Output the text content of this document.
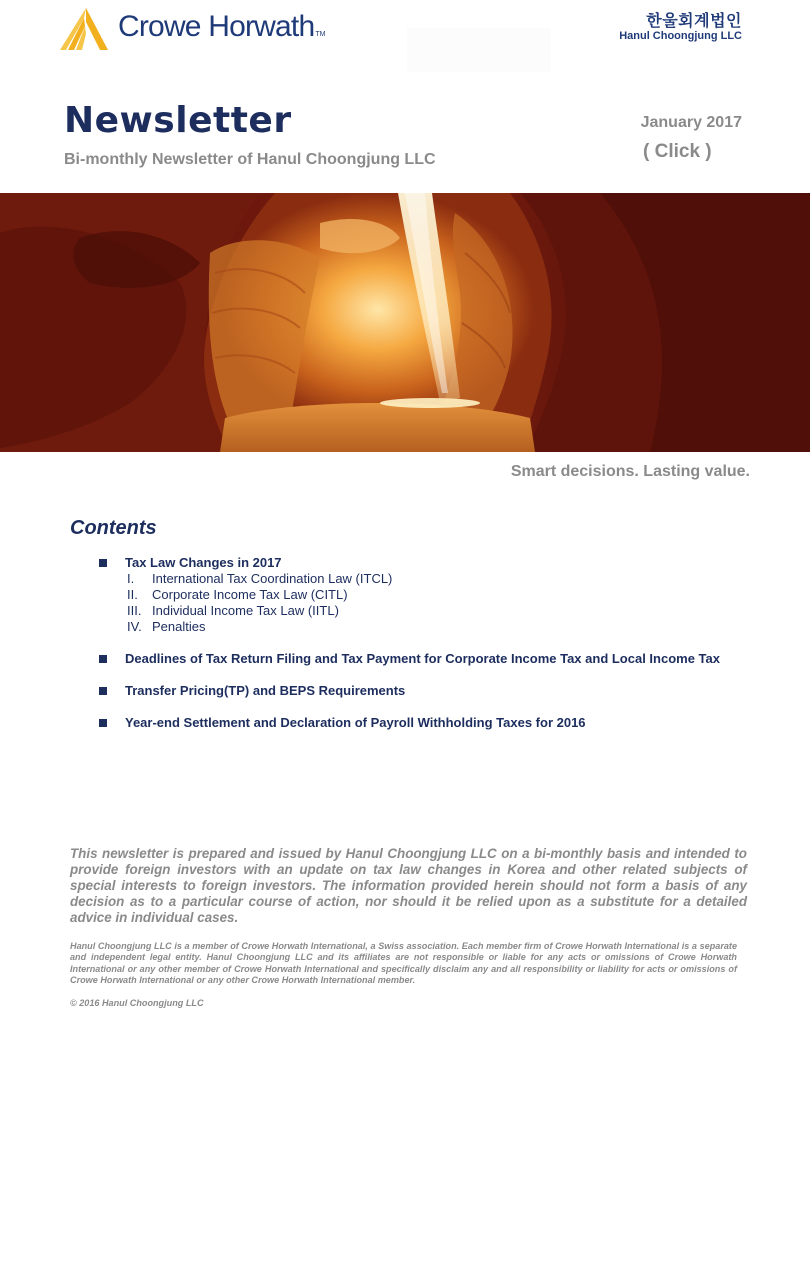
Crowe HorwathTM
한울회계법인
Hanul Choongjung LLC
Newsletter
Bi-monthly Newsletter of Hanul Choongjung LLC
January 2017
( Click )
Smart decisions. Lasting value.
Contents
Tax Law Changes in 2017
I. International Tax Coordination Law (ITCL)
II. Corporate Income Tax Law (CITL)
III. Individual Income Tax Law (IITL)
IV. Penalties
Deadlines of Tax Return Filing and Tax Payment for Corporate Income Tax and Local Income Tax
Transfer Pricing(TP) and BEPS Requirements
Year-end Settlement and Declaration of Payroll Withholding Taxes for 2016
This newsletter is prepared and issued by Hanul Choongjung LLC on a bi-monthly basis and intended to provide foreign investors with an update on tax law changes in Korea and other related subjects of special interests to foreign investors. The information provided herein should not form a basis of any decision as to a particular course of action, nor should it be relied upon as a substitute for a detailed advice in individual cases.
Hanul Choongjung LLC is a member of Crowe Horwath International, a Swiss association. Each member firm of Crowe Horwath International is a separate and independent legal entity. Hanul Choongjung LLC and its affiliates are not responsible or liable for any acts or omissions of Crowe Horwath International or any other member of Crowe Horwath International and specifically disclaim any and all responsibility or liability for acts or omissions of Crowe Horwath International or any other Crowe Horwath International member.
© 2016 Hanul Choongjung LLC
